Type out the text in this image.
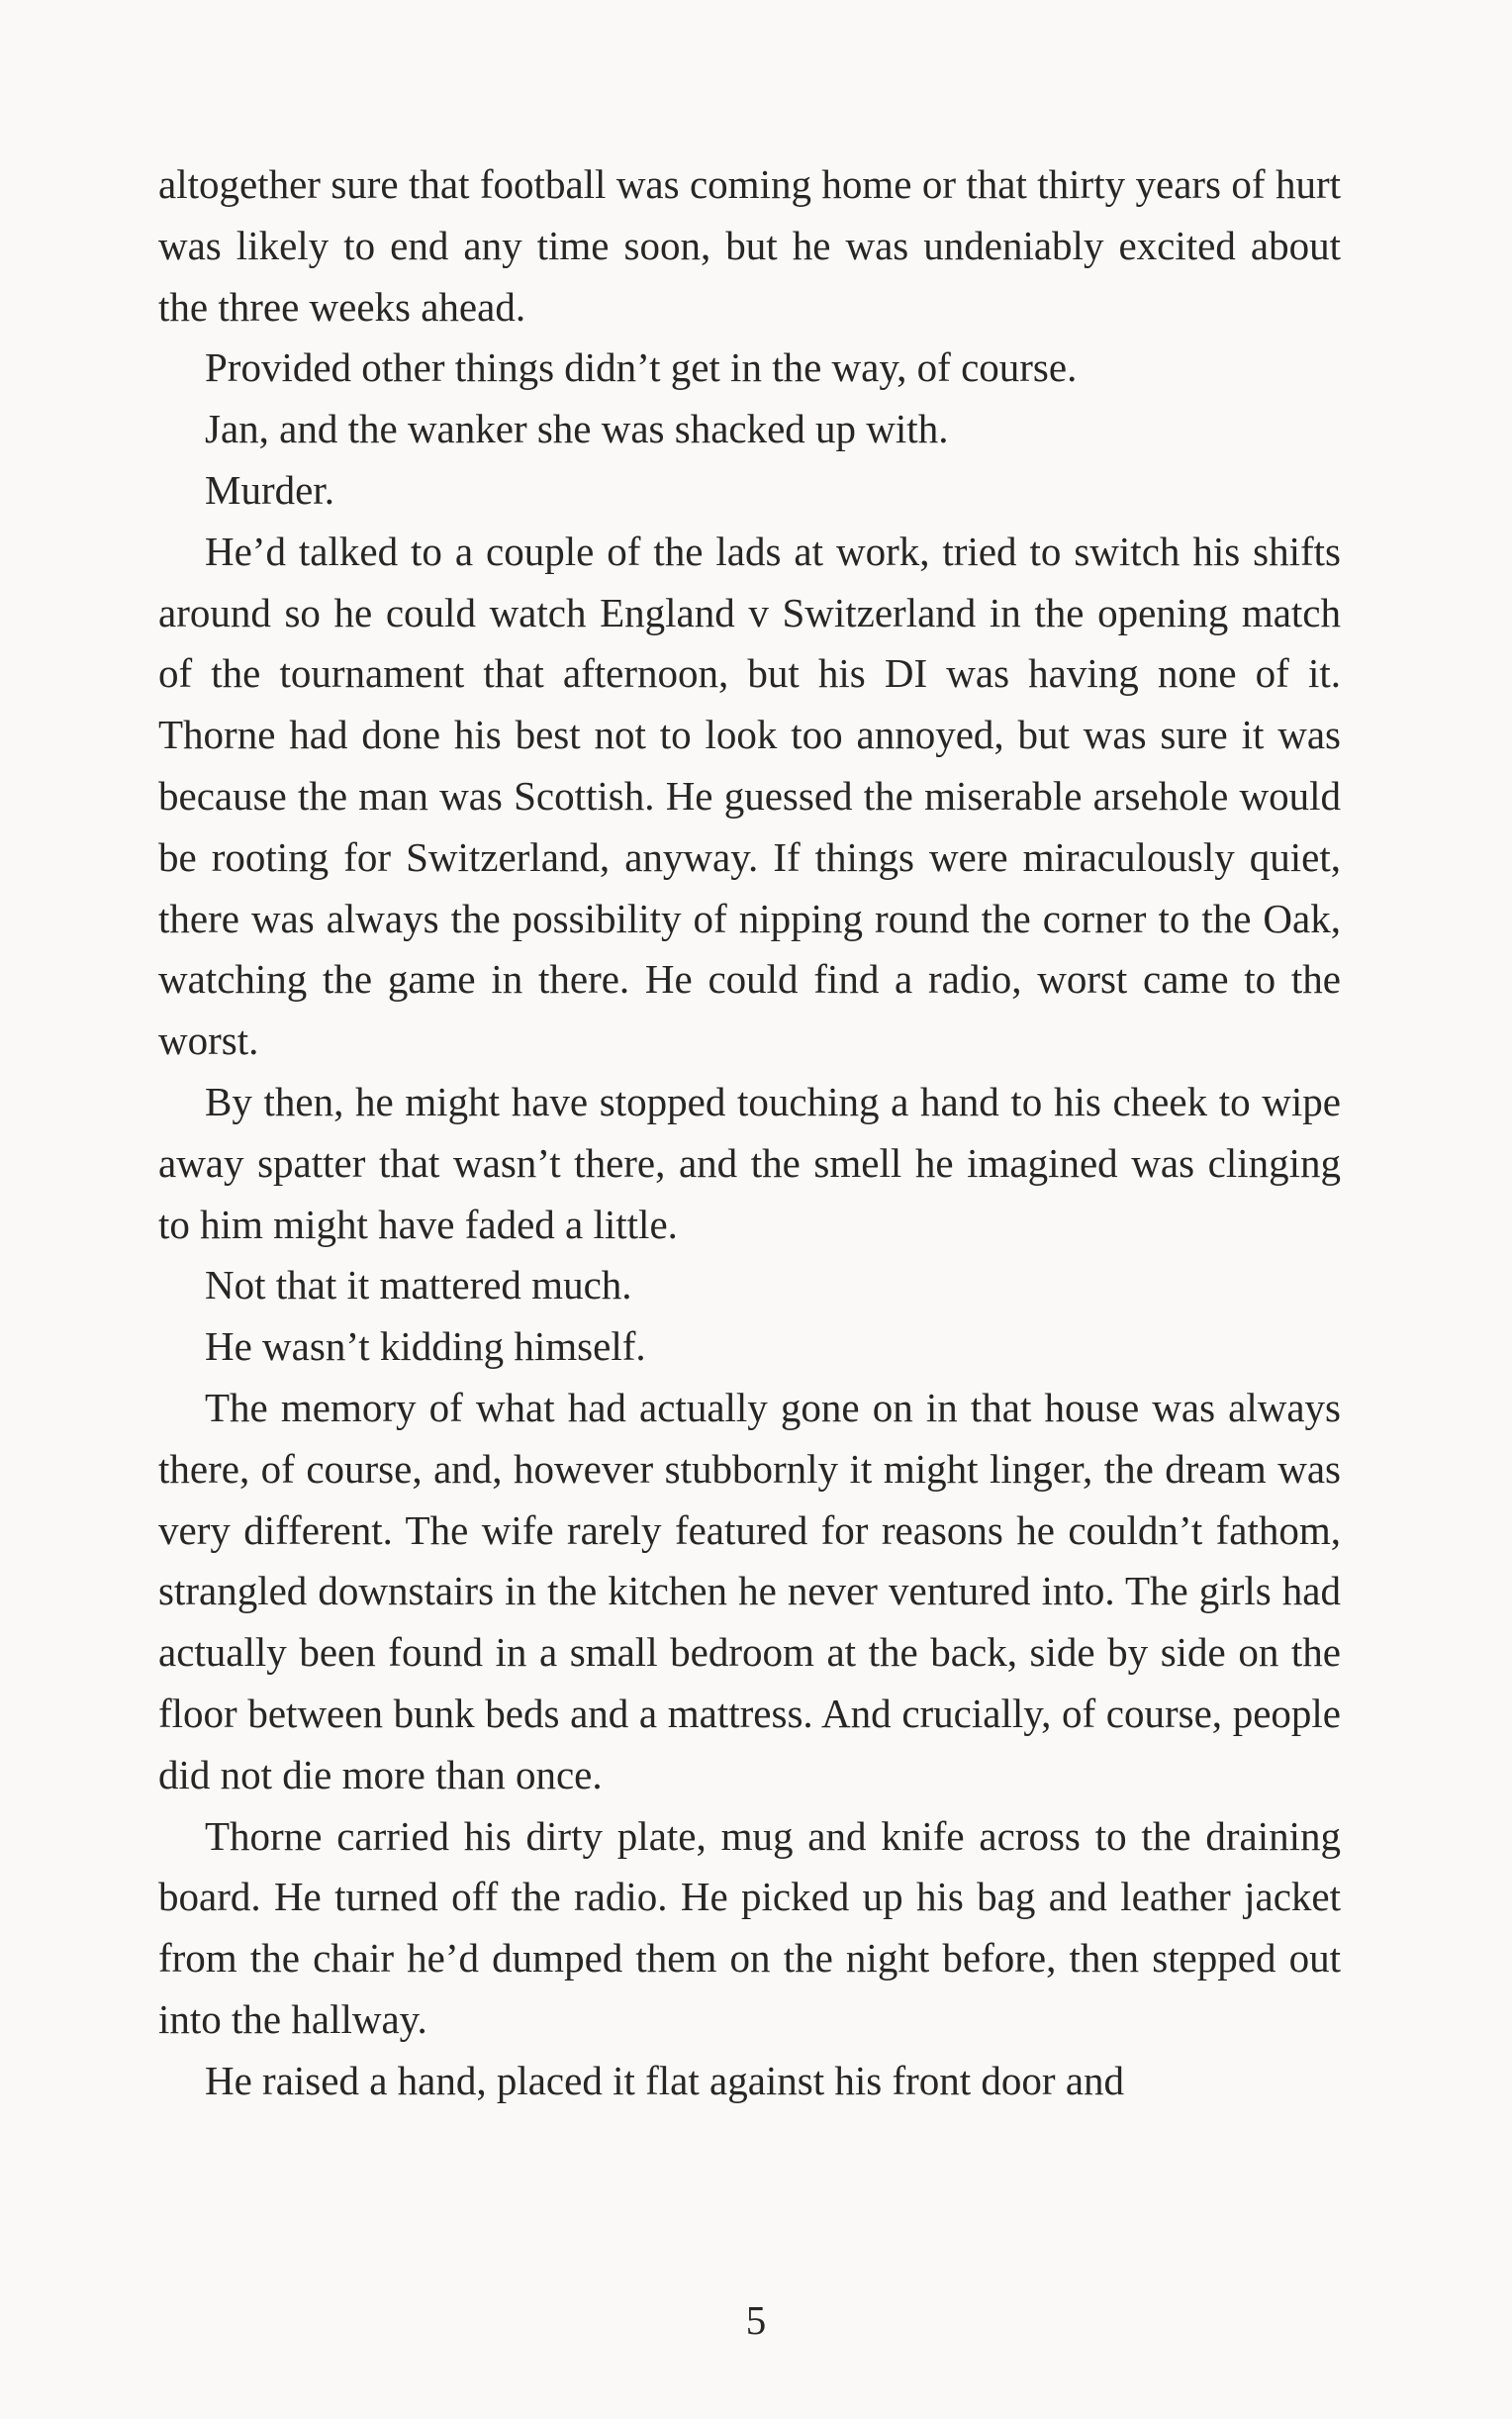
altogether sure that football was coming home or that thirty years of hurt was likely to end any time soon, but he was undeniably excited about the three weeks ahead.

Provided other things didn’t get in the way, of course.

Jan, and the wanker she was shacked up with.

Murder.

He’d talked to a couple of the lads at work, tried to switch his shifts around so he could watch England v Switzerland in the opening match of the tournament that afternoon, but his DI was having none of it. Thorne had done his best not to look too annoyed, but was sure it was because the man was Scottish. He guessed the miserable arsehole would be rooting for Switzerland, anyway. If things were miraculously quiet, there was always the possibility of nipping round the corner to the Oak, watching the game in there. He could find a radio, worst came to the worst.

By then, he might have stopped touching a hand to his cheek to wipe away spatter that wasn’t there, and the smell he imagined was clinging to him might have faded a little.

Not that it mattered much.

He wasn’t kidding himself.

The memory of what had actually gone on in that house was always there, of course, and, however stubbornly it might linger, the dream was very different. The wife rarely featured for reasons he couldn’t fathom, strangled downstairs in the kitchen he never ventured into. The girls had actually been found in a small bedroom at the back, side by side on the floor between bunk beds and a mattress. And crucially, of course, people did not die more than once.

Thorne carried his dirty plate, mug and knife across to the draining board. He turned off the radio. He picked up his bag and leather jacket from the chair he’d dumped them on the night before, then stepped out into the hallway.

He raised a hand, placed it flat against his front door and

5
